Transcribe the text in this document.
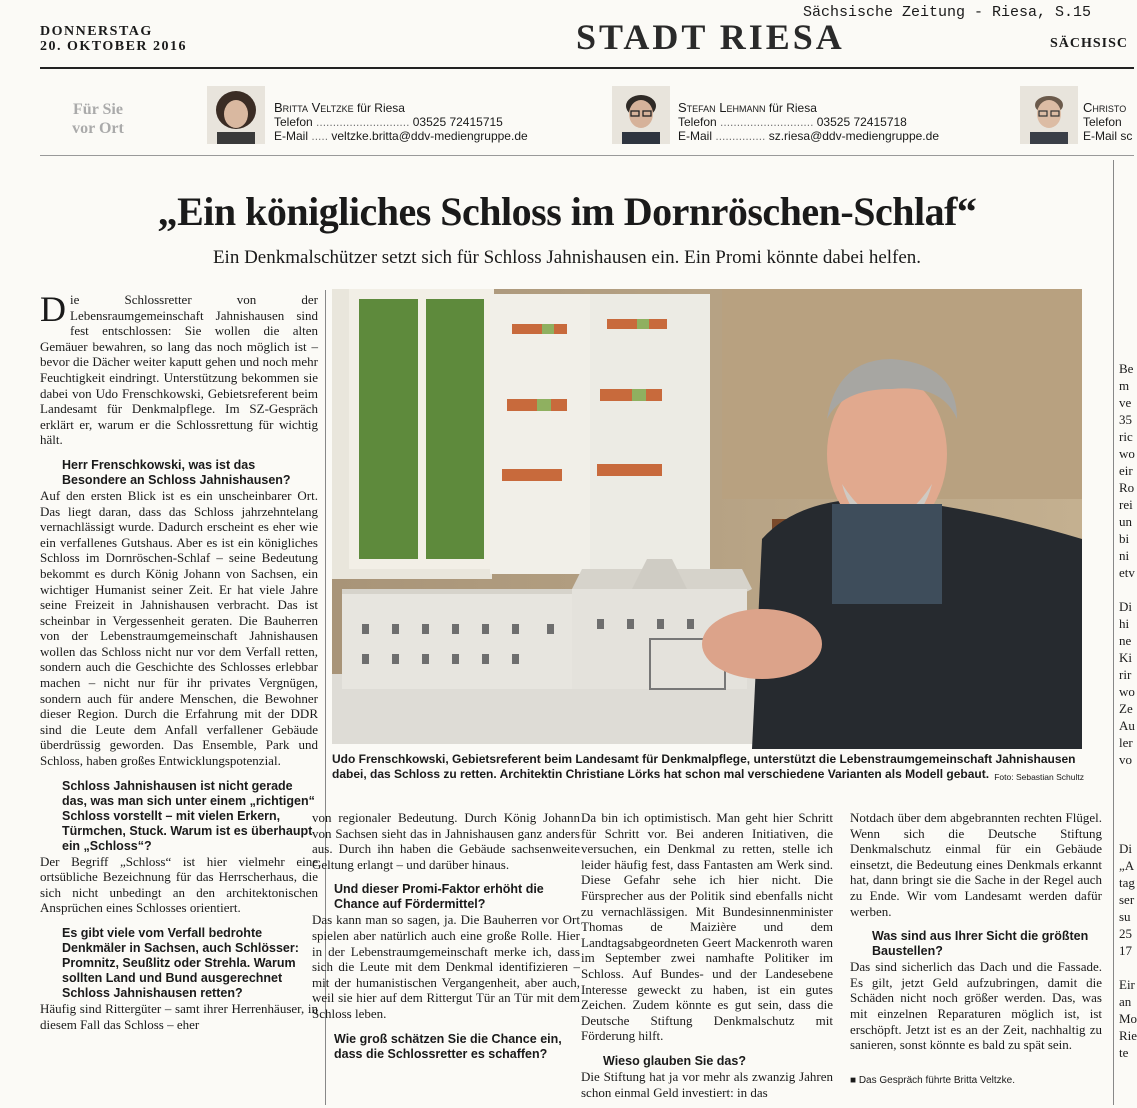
DONNERSTAG
20. OKTOBER 2016	STADT RIESA
Sächsische Zeitung - Riesa, S.15
SÄCHSISC
Für Sie
vor Ort
Britta Veltzke für Riesa
Telefon ............................ 03525 72415715
E-Mail ..... veltzke.britta@ddv-mediengruppe.de
Stefan Lehmann für Riesa
Telefon ............................ 03525 72415718
E-Mail ............... sz.riesa@ddv-mediengruppe.de
Christo
Telefon
E-Mail sc
„Ein königliches Schloss im Dornröschen-Schlaf“
Ein Denkmalschützer setzt sich für Schloss Jahnishausen ein. Ein Promi könnte dabei helfen.
Udo Frenschkowski, Gebietsreferent beim Landesamt für Denkmalpflege, unterstützt die Lebenstraumgemeinschaft Jahnishausen dabei, das Schloss zu retten. Architektin Christiane Lörks hat schon mal verschiedene Varianten als Modell gebaut. Foto: Sebastian Schultz

Die Schlossretter von der Lebensraumgemeinschaft Jahnishausen sind fest entschlossen: Sie wollen die alten Gemäuer bewahren, so lang das noch möglich ist – bevor die Dächer weiter kaputt gehen und noch mehr Feuchtigkeit eindringt. Unterstützung bekommen sie dabei von Udo Frenschkowski, Gebietsreferent beim Landesamt für Denkmalpflege. Im SZ-Gespräch erklärt er, warum er die Schlossrettung für wichtig hält.

Herr Frenschkowski, was ist das Besondere an Schloss Jahnishausen?

Auf den ersten Blick ist es ein unscheinbarer Ort. Das liegt daran, dass das Schloss jahrzehntelang vernachlässigt wurde. Dadurch erscheint es eher wie ein verfallenes Gutshaus. Aber es ist ein königliches Schloss im Dornröschen-Schlaf – seine Bedeutung bekommt es durch König Johann von Sachsen, ein wichtiger Humanist seiner Zeit. Er hat viele Jahre seine Freizeit in Jahnishausen verbracht. Das ist scheinbar in Vergessenheit geraten. Die Bauherren von der Lebenstraumgemeinschaft Jahnishausen wollen das Schloss nicht nur vor dem Verfall retten, sondern auch die Geschichte des Schlosses erlebbar machen – nicht nur für ihr privates Vergnügen, sondern auch für andere Menschen, die Bewohner dieser Region. Durch die Erfahrung mit der DDR sind die Leute dem Anfall verfallener Gebäude überdrüssig geworden. Das Ensemble, Park und Schloss, haben großes Entwicklungspotenzial.

Schloss Jahnishausen ist nicht gerade das, was man sich unter einem „richtigen“ Schloss vorstellt – mit vielen Erkern, Türmchen, Stuck. Warum ist es überhaupt ein „Schloss“?

Der Begriff „Schloss“ ist hier vielmehr eine ortsübliche Bezeichnung für das Herrscherhaus, die sich nicht unbedingt an den architektonischen Ansprüchen eines Schlosses orientiert.

Es gibt viele vom Verfall bedrohte Denkmäler in Sachsen, auch Schlösser: Promnitz, Seußlitz oder Strehla. Warum sollten Land und Bund ausgerechnet Schloss Jahnishausen retten?

Häufig sind Rittergüter – samt ihrer Herrenhäuser, in diesem Fall das Schloss – eher

von regionaler Bedeutung. Durch König Johann von Sachsen sieht das in Jahnishausen ganz anders aus. Durch ihn haben die Gebäude sachsenweite Geltung erlangt – und darüber hinaus.

Und dieser Promi-Faktor erhöht die Chance auf Fördermittel?

Das kann man so sagen, ja. Die Bauherren vor Ort spielen aber natürlich auch eine große Rolle. Hier in der Lebenstraumgemeinschaft merke ich, dass sich die Leute mit dem Denkmal identifizieren – mit der humanistischen Vergangenheit, aber auch, weil sie hier auf dem Rittergut Tür an Tür mit dem Schloss leben.

Wie groß schätzen Sie die Chance ein, dass die Schlossretter es schaffen?

Da bin ich optimistisch. Man geht hier Schritt für Schritt vor. Bei anderen Initiativen, die versuchen, ein Denkmal zu retten, stelle ich leider häufig fest, dass Fantasten am Werk sind. Diese Gefahr sehe ich hier nicht. Die Fürsprecher aus der Politik sind ebenfalls nicht zu vernachlässigen. Mit Bundesinnenminister Thomas de Maizière und dem Landtagsabgeordneten Geert Mackenroth waren im September zwei namhafte Politiker im Schloss. Auf Bundes- und der Landesebene Interesse geweckt zu haben, ist ein gutes Zeichen. Zudem könnte es gut sein, dass die Deutsche Stiftung Denkmalschutz mit Förderung hilft.

Wieso glauben Sie das?

Die Stiftung hat ja vor mehr als zwanzig Jahren schon einmal Geld investiert: in das

Notdach über dem abgebrannten rechten Flügel. Wenn sich die Deutsche Stiftung Denkmalschutz einmal für ein Gebäude einsetzt, die Bedeutung eines Denkmals erkannt hat, dann bringt sie die Sache in der Regel auch zu Ende. Wir vom Landesamt werden dafür werben.

Was sind aus Ihrer Sicht die größten Baustellen?

Das sind sicherlich das Dach und die Fassade. Es gilt, jetzt Geld aufzubringen, damit die Schäden nicht noch größer werden. Das, was mit einzelnen Reparaturen möglich ist, ist erschöpft. Jetzt ist es an der Zeit, nachhaltig zu sanieren, sonst könnte es bald zu spät sein.

■ Das Gespräch führte Britta Veltzke.

Be
m
ve
35
ric
wo
eir
Ro
rei
un
bi
ni
etv

Di
hi
ne
Ki
rir
wo
Ze
Au
ler
vo
Di
„A
tag
ser
su
25
17

Eir
an
Mo
Rie
te
